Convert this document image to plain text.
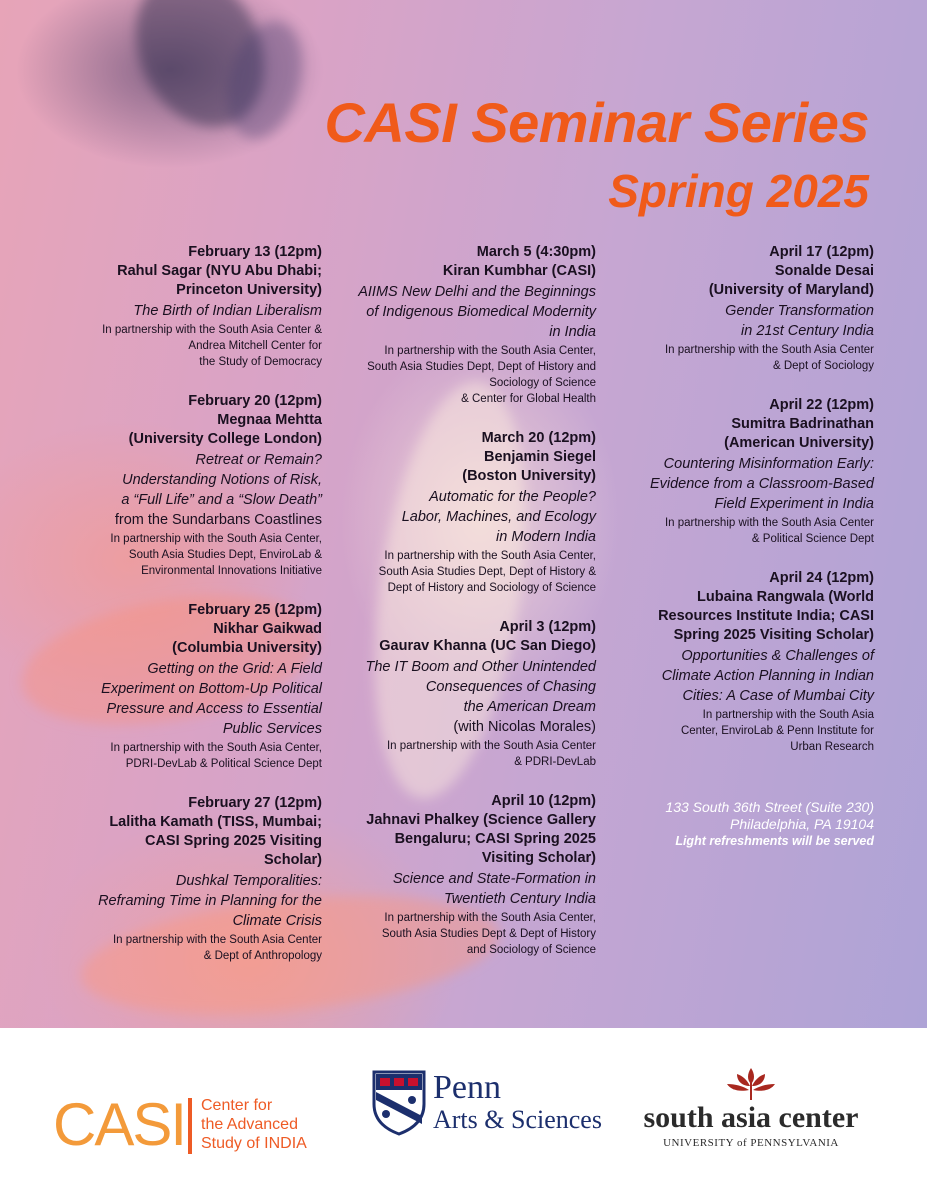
CASI Seminar Series
Spring 2025
February 13 (12pm)
Rahul Sagar (NYU Abu Dhabi;
Princeton University)
The Birth of Indian Liberalism
In partnership with the South Asia Center &
Andrea Mitchell Center for
the Study of Democracy
February 20 (12pm)
Megnaa Mehtta
(University College London)
Retreat or Remain?
Understanding Notions of Risk,
a “Full Life” and a “Slow Death”
from the Sundarbans Coastlines
In partnership with the South Asia Center,
South Asia Studies Dept, EnviroLab &
Environmental Innovations Initiative
February 25 (12pm)
Nikhar Gaikwad
(Columbia University)
Getting on the Grid: A Field
Experiment on Bottom-Up Political
Pressure and Access to Essential
Public Services
In partnership with the South Asia Center,
PDRI-DevLab & Political Science Dept
February 27 (12pm)
Lalitha Kamath (TISS, Mumbai;
CASI Spring 2025 Visiting
Scholar)
Dushkal Temporalities:
Reframing Time in Planning for the
Climate Crisis
In partnership with the South Asia Center
& Dept of Anthropology
March 5 (4:30pm)
Kiran Kumbhar (CASI)
AIIMS New Delhi and the Beginnings
of Indigenous Biomedical Modernity
in India
In partnership with the South Asia Center,
South Asia Studies Dept, Dept of History and
Sociology of Science
& Center for Global Health
March 20 (12pm)
Benjamin Siegel
(Boston University)
Automatic for the People?
Labor, Machines, and Ecology
in Modern India
In partnership with the South Asia Center,
South Asia Studies Dept, Dept of History &
Dept of History and Sociology of Science
April 3 (12pm)
Gaurav Khanna (UC San Diego)
The IT Boom and Other Unintended
Consequences of Chasing
the American Dream
(with Nicolas Morales)
In partnership with the South Asia Center
& PDRI-DevLab
April 10 (12pm)
Jahnavi Phalkey (Science Gallery
Bengaluru; CASI Spring 2025
Visiting Scholar)
Science and State-Formation in
Twentieth Century India
In partnership with the South Asia Center,
South Asia Studies Dept & Dept of History
and Sociology of Science
April 17 (12pm)
Sonalde Desai
(University of Maryland)
Gender Transformation
in 21st Century India
In partnership with the South Asia Center
& Dept of Sociology
April 22 (12pm)
Sumitra Badrinathan
(American University)
Countering Misinformation Early:
Evidence from a Classroom-Based
Field Experiment in India
In partnership with the South Asia Center
& Political Science Dept
April 24 (12pm)
Lubaina Rangwala (World
Resources Institute India; CASI
Spring 2025 Visiting Scholar)
Opportunities & Challenges of
Climate Action Planning in Indian
Cities: A Case of Mumbai City
In partnership with the South Asia
Center, EnviroLab & Penn Institute for
Urban Research
133 South 36th Street (Suite 230)
Philadelphia, PA 19104
Light refreshments will be served
CASI Center for
the Advanced
Study of INDIA
Penn
Arts & Sciences	south asia center
UNIVERSITY of PENNSYLVANIA
